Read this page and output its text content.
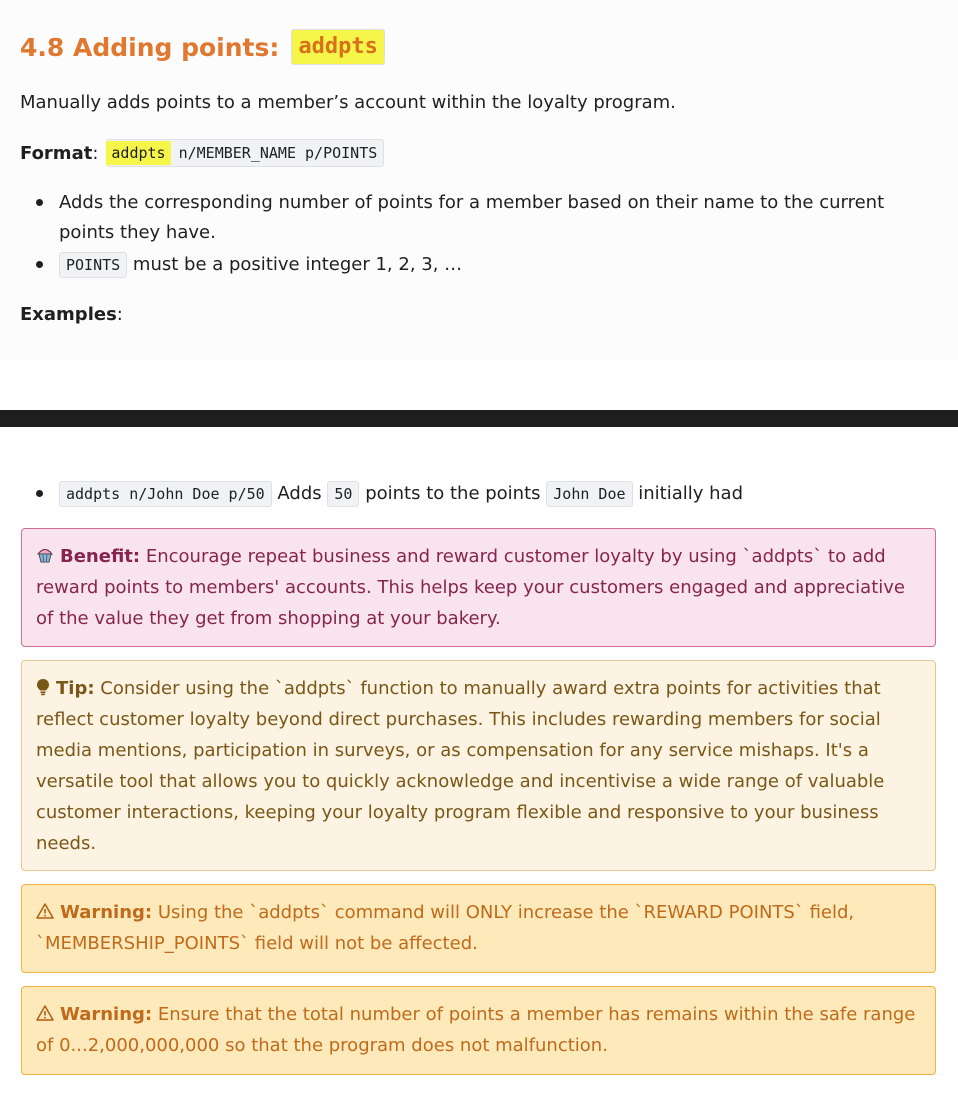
4.8 Adding points: addpts

Manually adds points to a member’s account within the loyalty program.

Format : addpts n/MEMBER_NAME p/POINTS
Adds the corresponding number of points for a member based on their name to the current
points they have.
POINTS must be a positive integer 1, 2, 3, …
Examples:
addpts n/John Doe p/50 Adds 50 points to the points John Doe initially had
Benefit: Encourage repeat business and reward customer loyalty by using `addpts` to add reward points to members' accounts. This helps keep your customers engaged and appreciative of the value they get from shopping at your bakery.
Tip: Consider using the `addpts` function to manually award extra points for activities that reflect customer loyalty beyond direct purchases. This includes rewarding members for social media mentions, participation in surveys, or as compensation for any service mishaps. It's a versatile tool that allows you to quickly acknowledge and incentivise a wide range of valuable customer interactions, keeping your loyalty program flexible and responsive to your business needs.
Warning: Using the `addpts` command will ONLY increase the `REWARD POINTS` field, `MEMBERSHIP_POINTS` field will not be affected.
Warning: Ensure that the total number of points a member has remains within the safe range of 0...2,000,000,000 so that the program does not malfunction.
